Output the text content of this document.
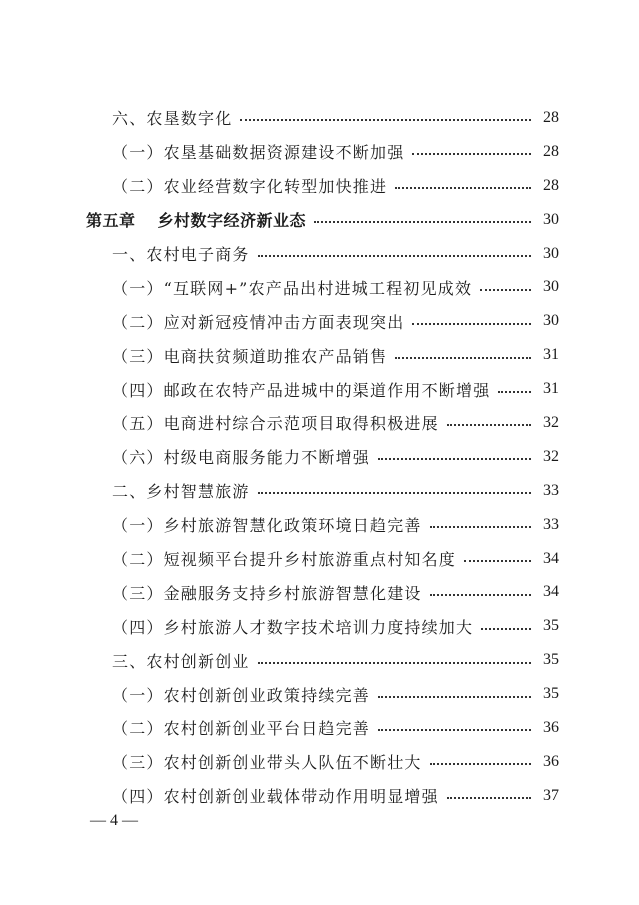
六、农垦数字化	28
（一）农垦基础数据资源建设不断加强	28
（二）农业经营数字化转型加快推进	28
第五章 乡村数字经济新业态	30
一、农村电子商务	30
（一）“互联网+”农产品出村进城工程初见成效	30
（二）应对新冠疫情冲击方面表现突出	30
（三）电商扶贫频道助推农产品销售	31
（四）邮政在农特产品进城中的渠道作用不断增强	31
（五）电商进村综合示范项目取得积极进展	32
（六）村级电商服务能力不断增强	32
二、乡村智慧旅游	33
（一）乡村旅游智慧化政策环境日趋完善	33
（二）短视频平台提升乡村旅游重点村知名度	34
（三）金融服务支持乡村旅游智慧化建设	34
（四）乡村旅游人才数字技术培训力度持续加大	35
三、农村创新创业	35
（一）农村创新创业政策持续完善	35
（二）农村创新创业平台日趋完善	36
（三）农村创新创业带头人队伍不断壮大	36
（四）农村创新创业载体带动作用明显增强	37
— 4 —
